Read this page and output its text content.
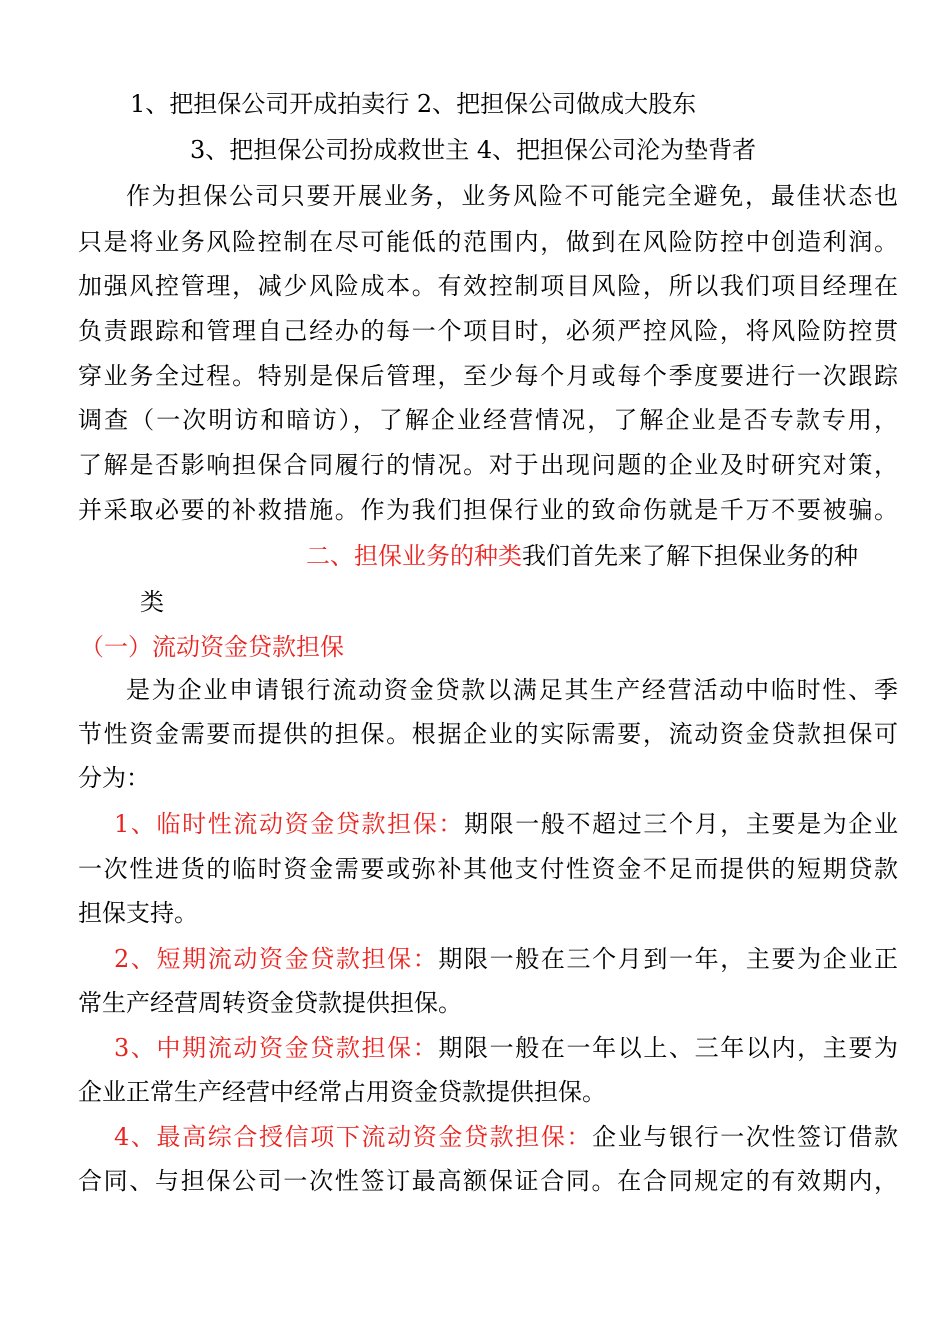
1、把担保公司开成拍卖行 2、把担保公司做成大股东
3、把担保公司扮成救世主 4、把担保公司沦为垫背者
作为担保公司只要开展业务，业务风险不可能完全避免，最佳状态也
只是将业务风险控制在尽可能低的范围内，做到在风险防控中创造利润。
加强风控管理，减少风险成本。有效控制项目风险，所以我们项目经理在
负责跟踪和管理自己经办的每一个项目时，必须严控风险，将风险防控贯
穿业务全过程。特别是保后管理，至少每个月或每个季度要进行一次跟踪
调查（一次明访和暗访），了解企业经营情况，了解企业是否专款专用，
了解是否影响担保合同履行的情况。对于出现问题的企业及时研究对策，
并采取必要的补救措施。作为我们担保行业的致命伤就是千万不要被骗。
二、担保业务的种类我们首先来了解下担保业务的种
类
（一）流动资金贷款担保
是为企业申请银行流动资金贷款以满足其生产经营活动中临时性、季
节性资金需要而提供的担保。根据企业的实际需要，流动资金贷款担保可
分为：
1、临时性流动资金贷款担保：期限一般不超过三个月，主要是为企业
一次性进货的临时资金需要或弥补其他支付性资金不足而提供的短期贷款
担保支持。
2、短期流动资金贷款担保：期限一般在三个月到一年，主要为企业正
常生产经营周转资金贷款提供担保。
3、中期流动资金贷款担保：期限一般在一年以上、三年以内，主要为
企业正常生产经营中经常占用资金贷款提供担保。
4、最高综合授信项下流动资金贷款担保：企业与银行一次性签订借款
合同、与担保公司一次性签订最高额保证合同。在合同规定的有效期内，
